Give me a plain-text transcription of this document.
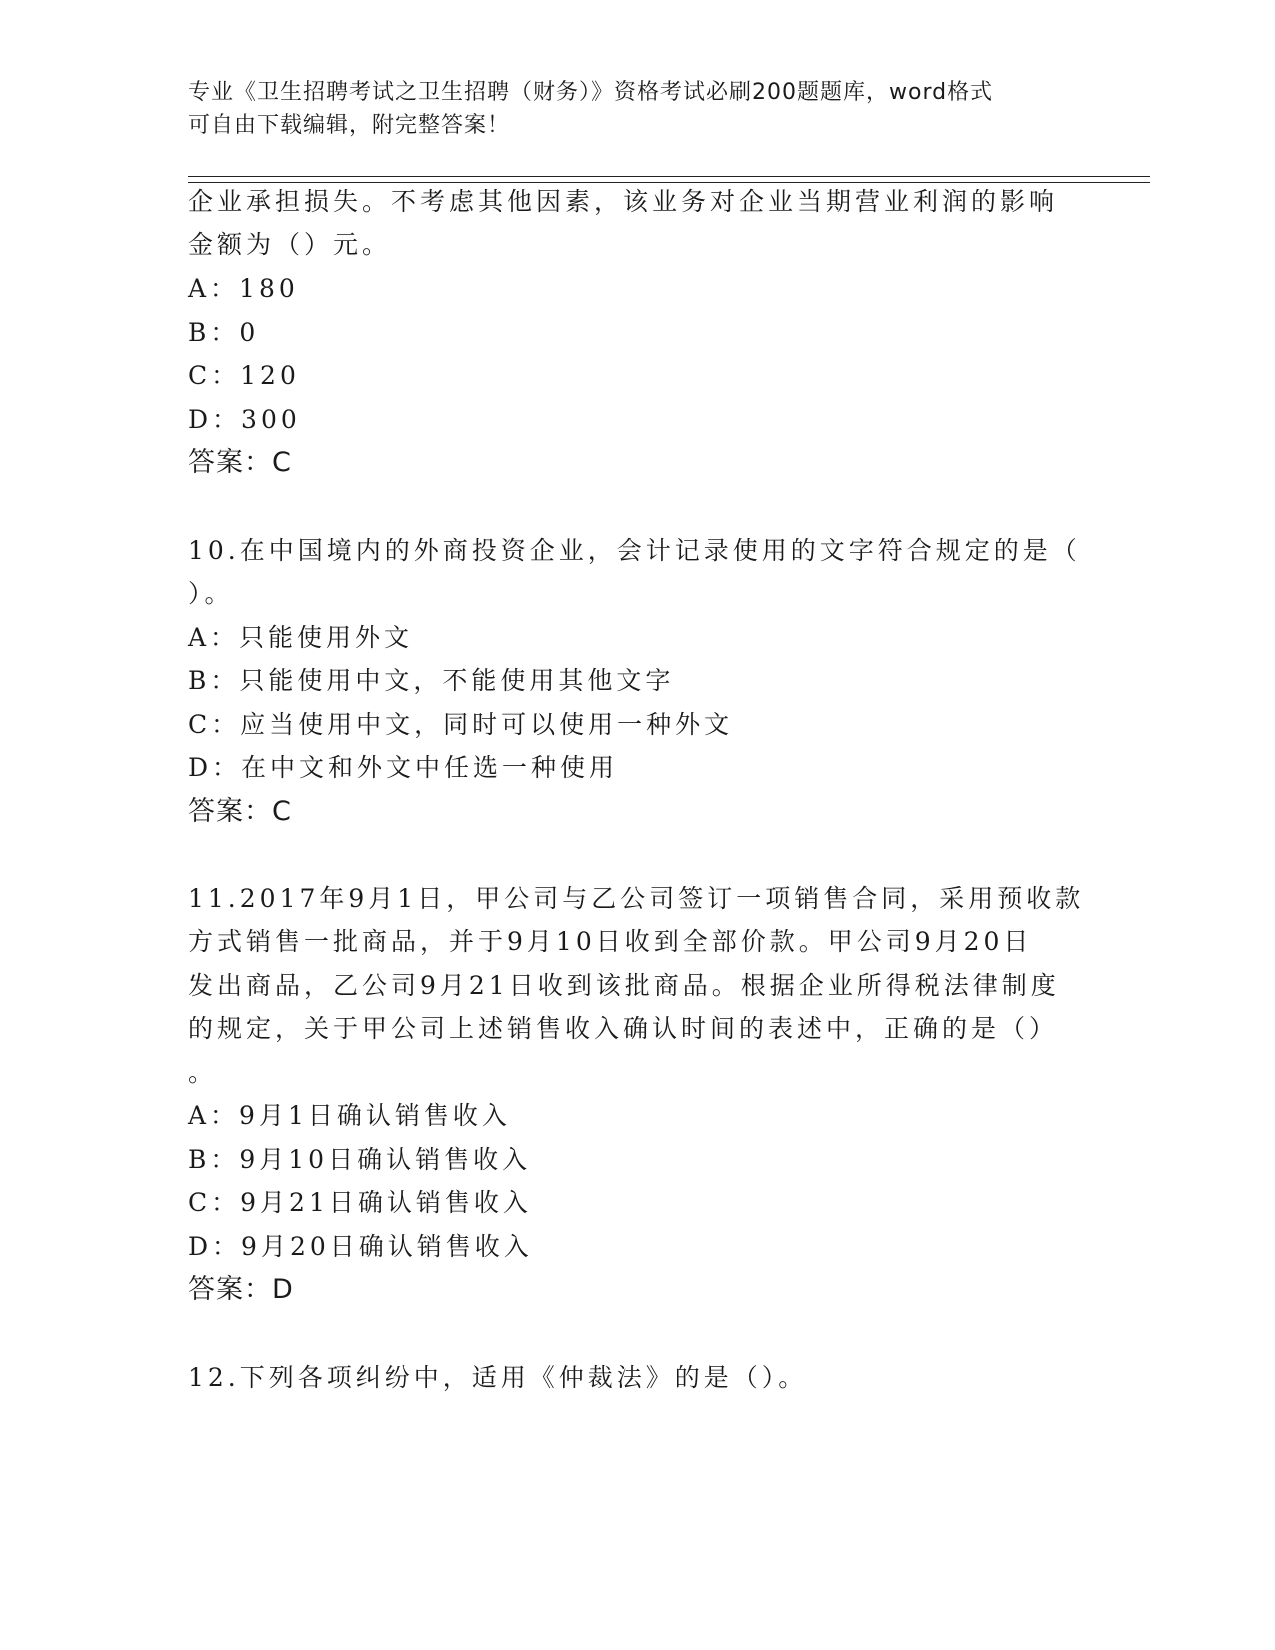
专业《卫生招聘考试之卫生招聘（财务）》资格考试必刷200题题库，word格式
可自由下载编辑，附完整答案！
企业承担损失。不考虑其他因素，该业务对企业当期营业利润的影响
金额为（）元。
A：180
B：0
C：120
D：300
答案：C
10.在中国境内的外商投资企业，会计记录使用的文字符合规定的是（
）。
A：只能使用外文
B：只能使用中文，不能使用其他文字
C：应当使用中文，同时可以使用一种外文
D：在中文和外文中任选一种使用
答案：C
11.2017年9月1日，甲公司与乙公司签订一项销售合同，采用预收款
方式销售一批商品，并于9月10日收到全部价款。甲公司9月20日
发出商品，乙公司9月21日收到该批商品。根据企业所得税法律制度
的规定，关于甲公司上述销售收入确认时间的表述中，正确的是（）
。
A：9月1日确认销售收入
B：9月10日确认销售收入
C：9月21日确认销售收入
D：9月20日确认销售收入
答案：D
12.下列各项纠纷中，适用《仲裁法》的是（）。
